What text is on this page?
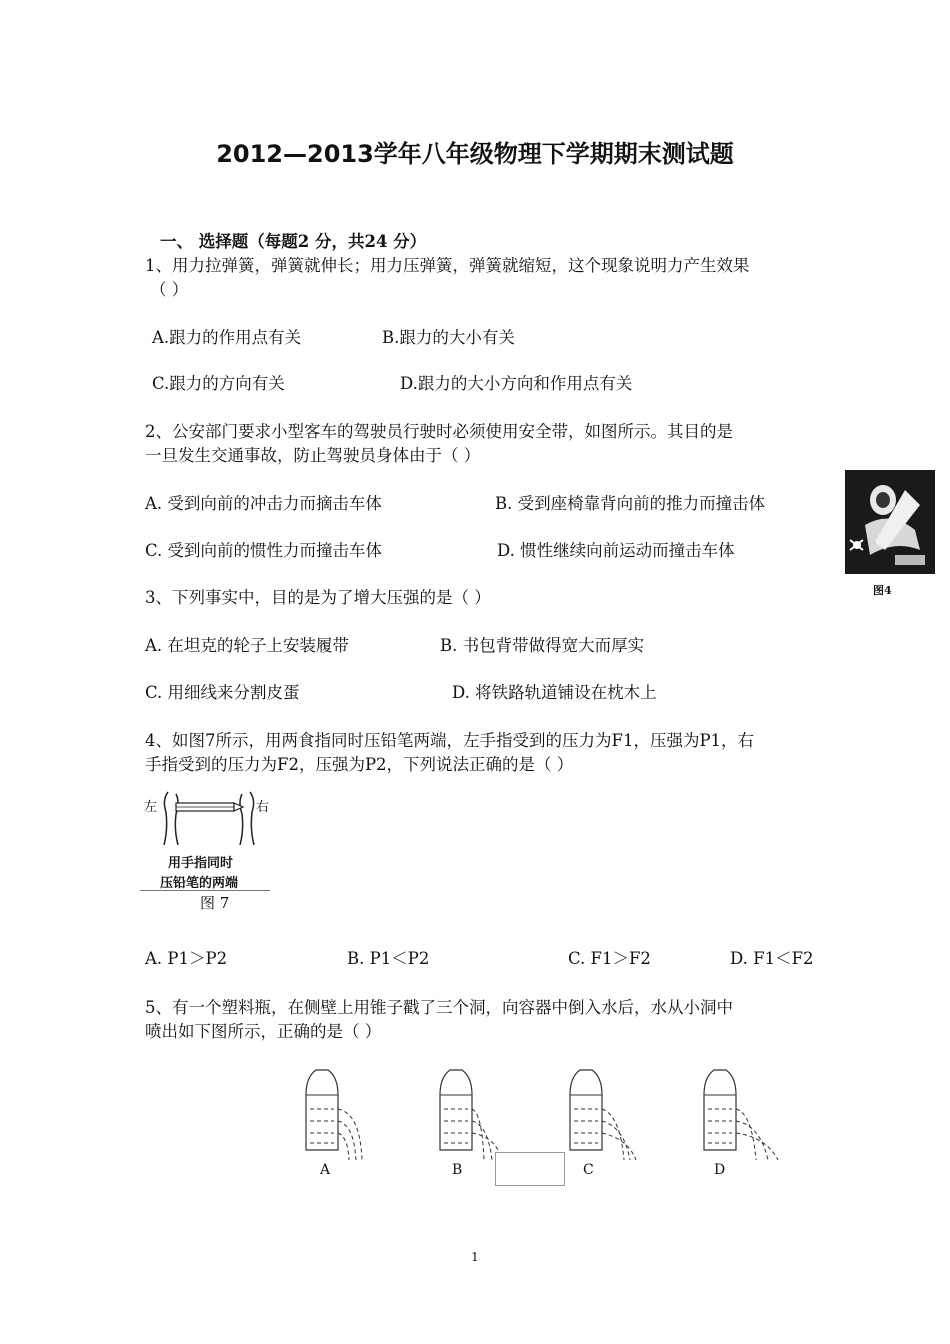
2012—2013学年八年级物理下学期期末测试题
一、 选择题（每题2 分，共24 分）
1、用力拉弹簧，弹簧就伸长；用力压弹簧，弹簧就缩短，这个现象说明力产生效果
（ ）
A.跟力的作用点有关	B.跟力的大小有关
C.跟力的方向有关	D.跟力的大小方向和作用点有关
2、公安部门要求小型客车的驾驶员行驶时必须使用安全带，如图所示。其目的是
一旦发生交通事故，防止驾驶员身体由于（ ）
A. 受到向前的冲击力而摘击车体	B. 受到座椅靠背向前的推力而撞击体
C. 受到向前的惯性力而撞击车体	D. 惯性继续向前运动而撞击车体
图4
3、下列事实中，目的是为了增大压强的是（ ）
A. 在坦克的轮子上安装履带	B. 书包背带做得宽大而厚实
C. 用细线来分割皮蛋	D. 将铁路轨道铺设在枕木上
4、如图7所示，用两食指同时压铅笔两端，左手指受到的压力为F1，压强为P1，右
手指受到的压力为F2，压强为P2，下列说法正确的是（ ）
左	右
用手指同时
压铅笔的两端
图 7
A. P1＞P2	B. P1＜P2	C. F1＞F2	D. F1＜F2
5、有一个塑料瓶，在侧壁上用锥子戳了三个洞，向容器中倒入水后，水从小洞中
喷出如下图所示，正确的是（ ）
A	B	C	D
1
